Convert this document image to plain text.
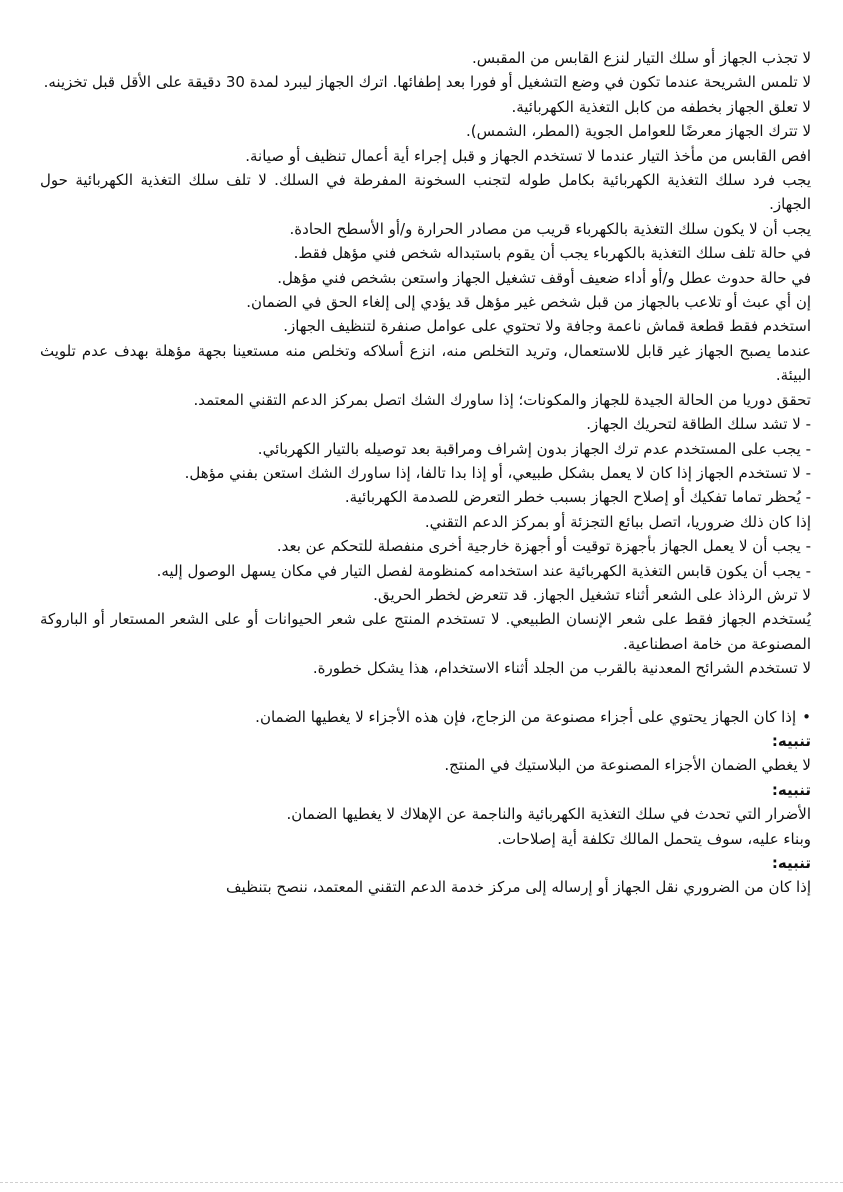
لا تجذب الجهاز أو سلك التيار لنزع القابس من المقبس.

لا تلمس الشريحة عندما تكون في وضع التشغيل أو فورا بعد إطفائها. اترك الجهاز ليبرد لمدة 30 دقيقة على الأقل قبل تخزينه.

لا تعلق الجهاز بخطفه من كابل التغذية الكهربائية.

لا تترك الجهاز معرضًا للعوامل الجوية (المطر، الشمس).

افص القابس من مأخذ التيار عندما لا تستخدم الجهاز و قبل إجراء أية أعمال تنظيف أو صيانة.

يجب فرد سلك التغذية الكهربائية بكامل طوله لتجنب السخونة المفرطة في السلك. لا تلف سلك التغذية الكهربائية حول الجهاز.

يجب أن لا يكون سلك التغذية بالكهرباء قريب من مصادر الحرارة و/أو الأسطح الحادة.

في حالة تلف سلك التغذية بالكهرباء يجب أن يقوم باستبداله شخص فني مؤهل فقط.

في حالة حدوث عطل و/أو أداء ضعيف أوقف تشغيل الجهاز واستعن بشخص فني مؤهل.

إن أي عبث أو تلاعب بالجهاز من قبل شخص غير مؤهل قد يؤدي إلى إلغاء الحق في الضمان.

استخدم فقط قطعة قماش ناعمة وجافة ولا تحتوي على عوامل صنفرة لتنظيف الجهاز.

عندما يصبح الجهاز غير قابل للاستعمال، وتريد التخلص منه، انزع أسلاكه وتخلص منه مستعينا بجهة مؤهلة بهدف عدم تلويث البيئة.

تحقق دوريا من الحالة الجيدة للجهاز والمكونات؛ إذا ساورك الشك اتصل بمركز الدعم التقني المعتمد.

- لا تشد سلك الطاقة لتحريك الجهاز.

- يجب على المستخدم عدم ترك الجهاز بدون إشراف ومراقبة بعد توصيله بالتيار الكهربائي.

- لا تستخدم الجهاز إذا كان لا يعمل بشكل طبيعي، أو إذا بدا تالفا، إذا ساورك الشك استعن بفني مؤهل.

- يُحظر تماما تفكيك أو إصلاح الجهاز بسبب خطر التعرض للصدمة الكهربائية.

إذا كان ذلك ضروريا، اتصل ببائع التجزئة أو بمركز الدعم التقني.

- يجب أن لا يعمل الجهاز بأجهزة توقيت أو أجهزة خارجية أخرى منفصلة للتحكم عن بعد.

- يجب أن يكون قابس التغذية الكهربائية عند استخدامه كمنظومة لفصل التيار في مكان يسهل الوصول إليه.

لا ترش الرذاذ على الشعر أثناء تشغيل الجهاز. قد تتعرض لخطر الحريق.

يُستخدم الجهاز فقط على شعر الإنسان الطبيعي. لا تستخدم المنتج على شعر الحيوانات أو على الشعر المستعار أو الباروكة المصنوعة من خامة اصطناعية.

لا تستخدم الشرائح المعدنية بالقرب من الجلد أثناء الاستخدام، هذا يشكل خطورة.

•إذا كان الجهاز يحتوي على أجزاء مصنوعة من الزجاج، فإن هذه الأجزاء لا يغطيها الضمان.

تنبيه:

لا يغطي الضمان الأجزاء المصنوعة من البلاستيك في المنتج.

تنبيه:

الأضرار التي تحدث في سلك التغذية الكهربائية والناجمة عن الإهلاك لا يغطيها الضمان.

وبناء عليه، سوف يتحمل المالك تكلفة أية إصلاحات.

تنبيه:

إذا كان من الضروري نقل الجهاز أو إرساله إلى مركز خدمة الدعم التقني المعتمد، ننصح بتنظيف
